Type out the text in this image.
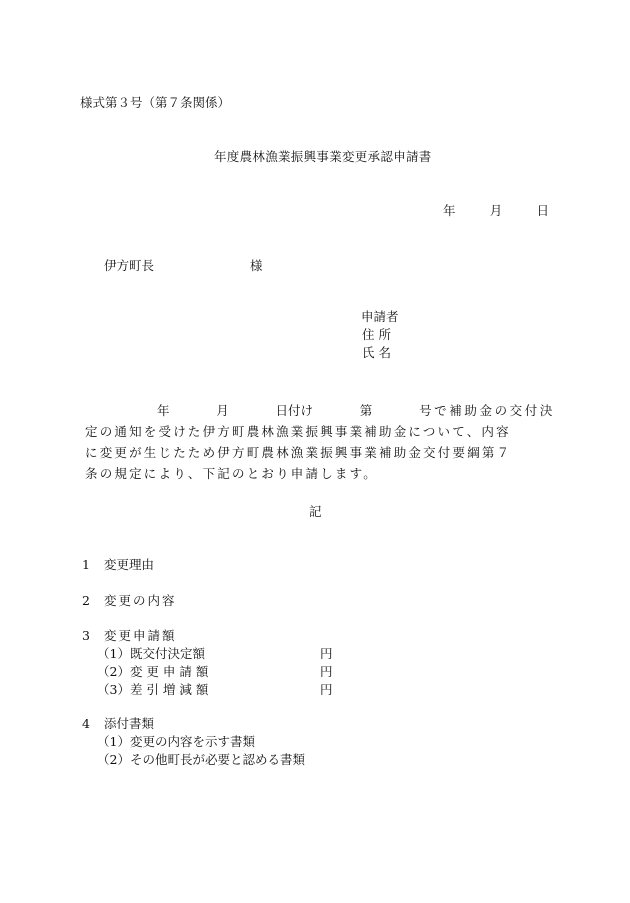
様式第３号（第７条関係）
年度農林漁業振興事業変更承認申請書
年	月	日
伊方町長	様
申請者
住 所
氏 名
年	月	日付け	第	号で補助金の交付決
定の通知を受けた伊方町農林漁業振興事業補助金について、内容
に変更が生じたため伊方町農林漁業振興事業補助金交付要綱第７
条の規定により、下記のとおり申請します。
記
1 変更理由
2 変更の内容
3 変更申請額
（1）既交付決定額	円
（2）変 更 申 請 額	円
（3）差 引 増 減 額	円
4 添付書類
（1）変更の内容を示す書類
（2）その他町長が必要と認める書類
